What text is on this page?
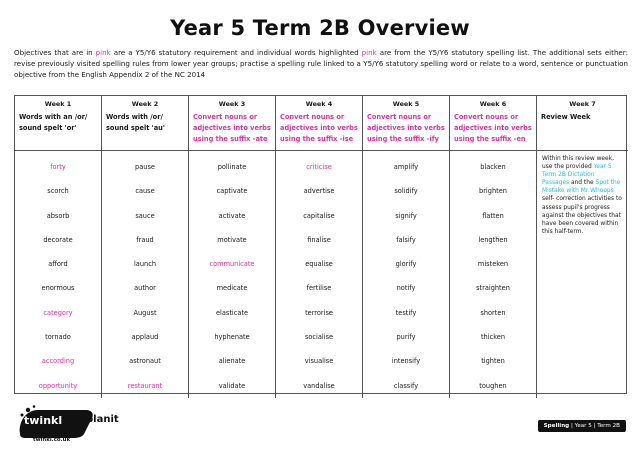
Year 5 Term 2B Overview
Objectives that are in pink are a Y5/Y6 statutory requirement and individual words highlighted pink are from the Y5/Y6 statutory spelling list. The additional sets either: revise previously visited spelling rules from lower year groups; practise a spelling rule linked to a Y5/Y6 statutory spelling word or relate to a word, sentence or punctuation objective from the English Appendix 2 of the NC 2014
Week 1
Words with an /or/ sound spelt 'or'
forty
scorch
absorb
decorate
afford
enormous
category
tornado
according
opportunity
Week 2
Words with /or/ sound spelt 'au'
pause
cause
sauce
fraud
launch
author
August
applaud
astronaut
restaurant
Week 3
Convert nouns or adjectives into verbs using the suffix -ate
pollinate
captivate
activate
motivate
communicate
medicate
elasticate
hyphenate
alienate
validate
Week 4
Convert nouns or adjectives into verbs using the suffix -ise
criticise
advertise
capitalise
finalise
equalise
fertilise
terrorise
socialise
visualise
vandalise
Week 5
Convert nouns or adjectives into verbs using the suffix -ify
amplify
solidify
signify
falsify
glorify
notify
testify
purify
intensify
classify
Week 6
Convert nouns or adjectives into verbs using the suffix -en
blacken
brighten
flatten
lengthen
misteken
straighten
shorten
thicken
tighten
toughen
Week 7
Review Week
Within this review week, use the provided Year 5 Term 2B Dictation Passages and the Spot the Mistake with Mr Whoops self- correction activities to assess pupil's progress against the objectives that have been covered within this half-term.
twinkl planit
twinkl.co.uk
Spelling | Year 5 | Term 2B
